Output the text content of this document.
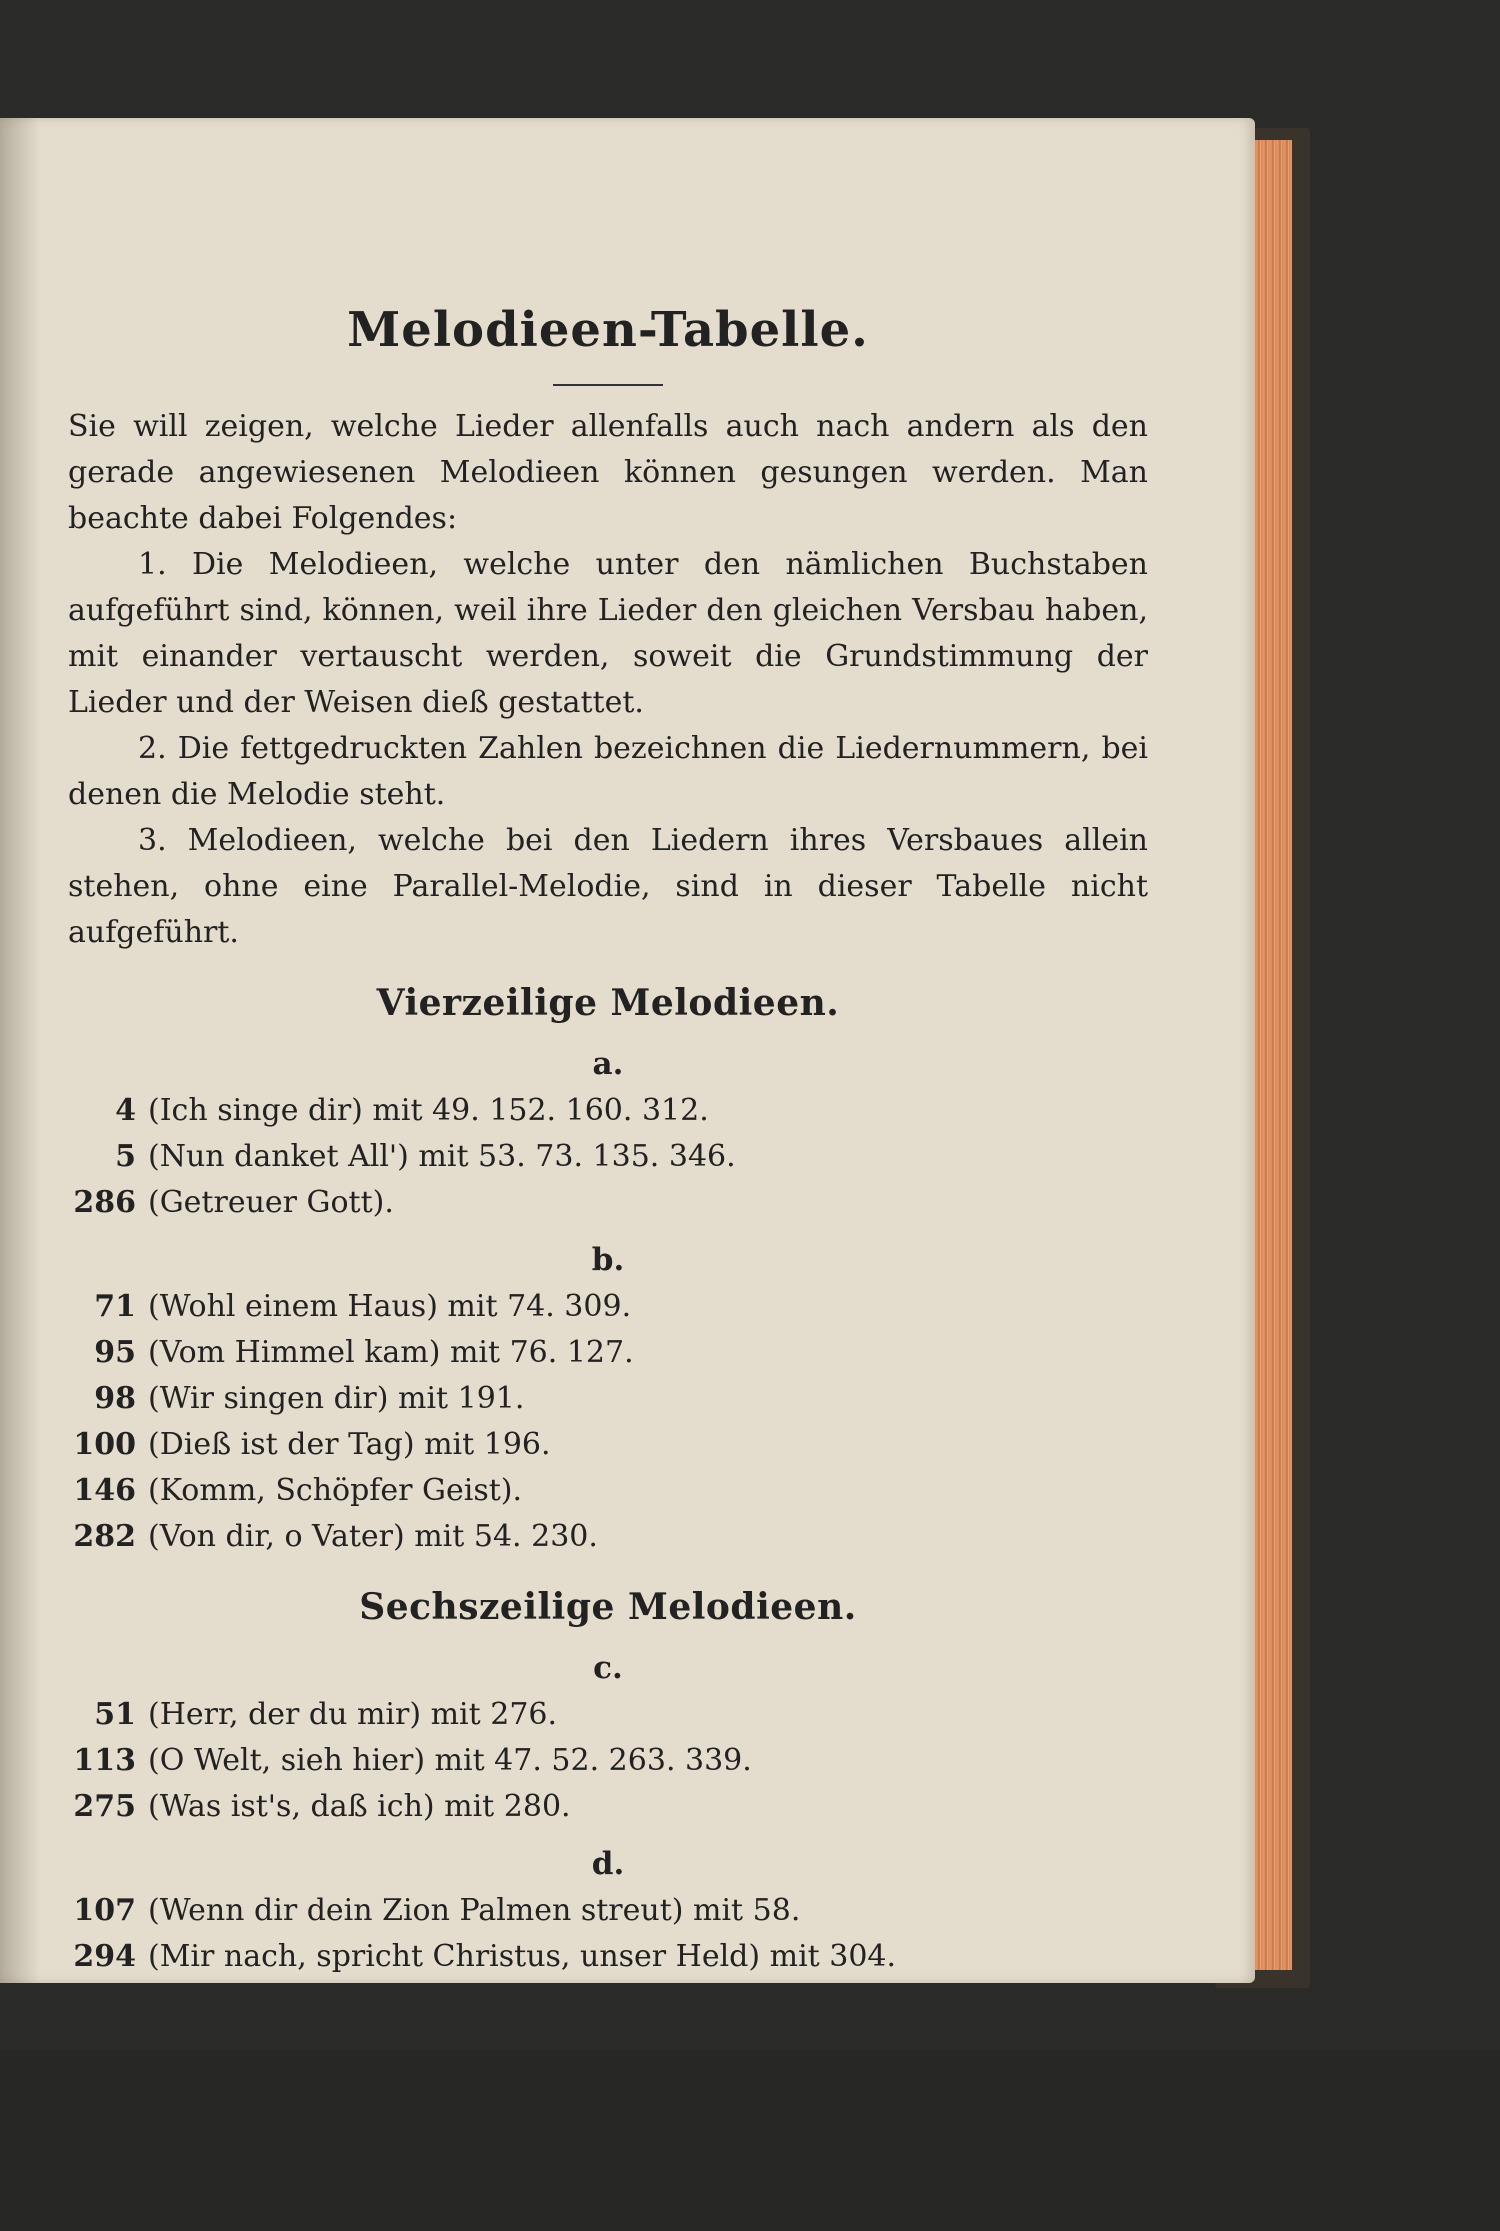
Melodieen-Tabelle.

Sie will zeigen, welche Lieder allenfalls auch nach andern als den gerade angewiesenen Melodieen können gesungen werden. Man beachte dabei Folgendes:

1. Die Melodieen, welche unter den nämlichen Buchstaben aufgeführt sind, können, weil ihre Lieder den gleichen Versbau haben, mit einander vertauscht werden, soweit die Grundstimmung der Lieder und der Weisen dieß gestattet.

2. Die fettgedruckten Zahlen bezeichnen die Liedernummern, bei denen die Melodie steht.

3. Melodieen, welche bei den Liedern ihres Versbaues allein stehen, ohne eine Parallel-Melodie, sind in dieser Tabelle nicht aufgeführt.

Vierzeilige Melodieen.
a.
4 (Ich singe dir) mit 49. 152. 160. 312.
5 (Nun danket All') mit 53. 73. 135. 346.
286 (Getreuer Gott).
b.
71 (Wohl einem Haus) mit 74. 309.
95 (Vom Himmel kam) mit 76. 127.
98 (Wir singen dir) mit 191.
100 (Dieß ist der Tag) mit 196.
146 (Komm, Schöpfer Geist).
282 (Von dir, o Vater) mit 54. 230.
Sechszeilige Melodieen.
c.
51 (Herr, der du mir) mit 276.
113 (O Welt, sieh hier) mit 47. 52. 263. 339.
275 (Was ist's, daß ich) mit 280.
d.
107 (Wenn dir dein Zion Palmen streut) mit 58.
294 (Mir nach, spricht Christus, unser Held) mit 304.
